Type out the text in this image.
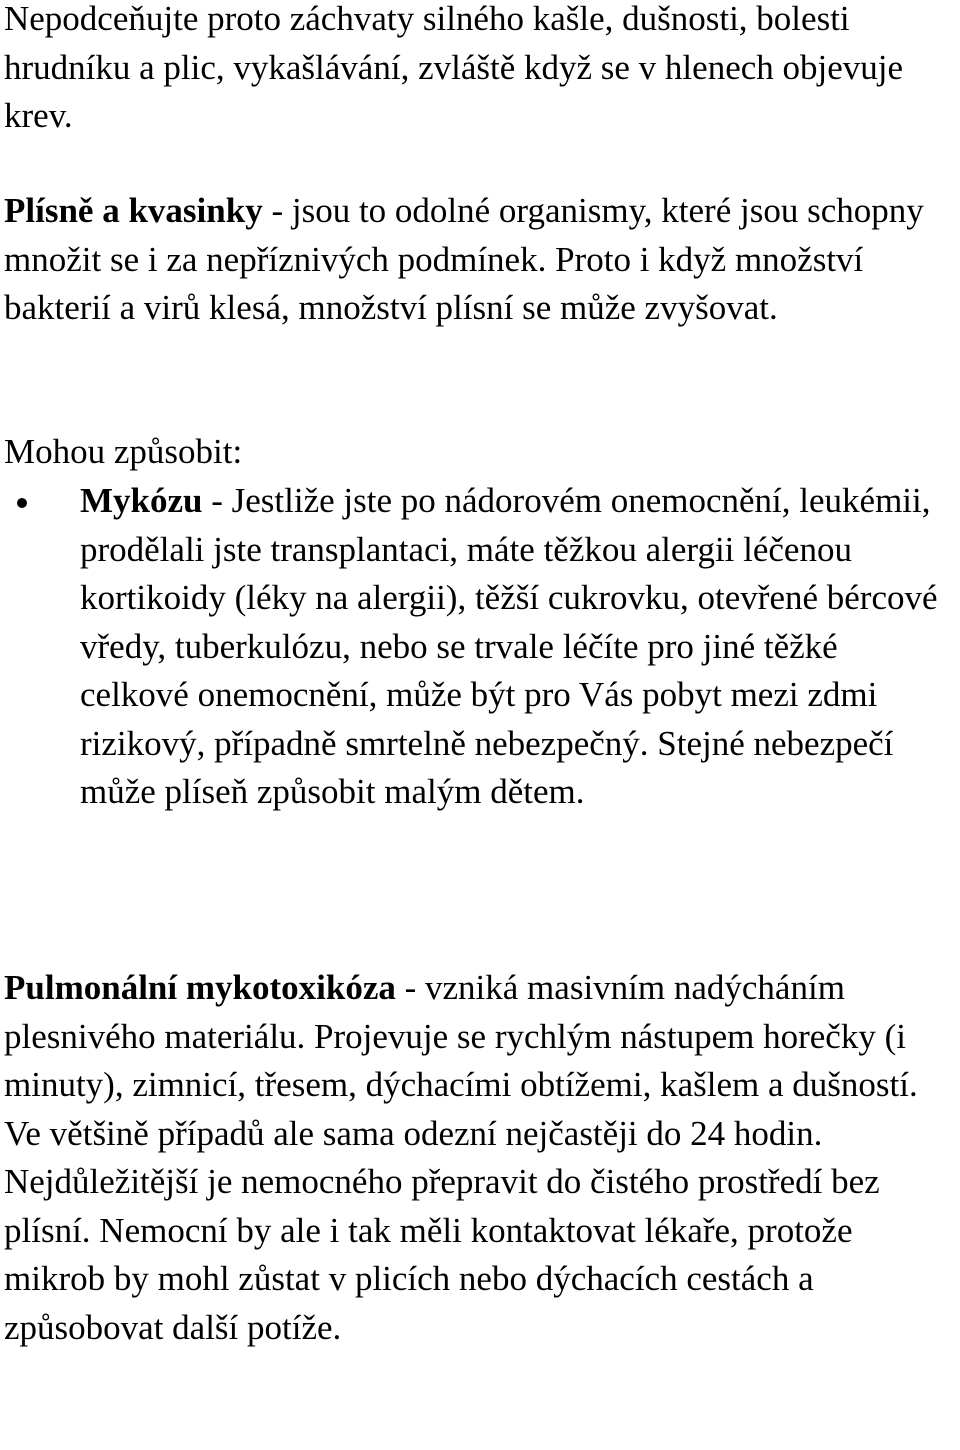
Nepodceňujte proto záchvaty silného kašle, dušnosti, bolesti hrudníku a plic, vykašlávání, zvláště když se v hlenech objevuje krev.

Plísně a kvasinky - jsou to odolné organismy, které jsou schopny množit se i za nepříznivých podmínek. Proto i když množství bakterií a virů klesá, množství plísní se může zvyšovat.

Mohou způsobit:

Mykózu - Jestliže jste po nádorovém onemocnění, leukémii, prodělali jste transplantaci, máte těžkou alergii léčenou kortikoidy (léky na alergii), těžší cukrovku, otevřené bércové vředy, tuberkulózu, nebo se trvale léčíte pro jiné těžké celkové onemocnění, může být pro Vás pobyt mezi zdmi rizikový, případně smrtelně nebezpečný. Stejné nebezpečí může plíseň způsobit malým dětem.

Pulmonální mykotoxikóza - vzniká masivním nadýcháním plesnivého materiálu. Projevuje se rychlým nástupem horečky (i minuty), zimnicí, třesem, dýchacími obtížemi, kašlem a dušností. Ve většině případů ale sama odezní nejčastěji do 24 hodin. Nejdůležitější je nemocného přepravit do čistého prostředí bez plísní. Nemocní by ale i tak měli kontaktovat lékaře, protože mikrob by mohl zůstat v plicích nebo dýchacích cestách a způsobovat další potíže.
